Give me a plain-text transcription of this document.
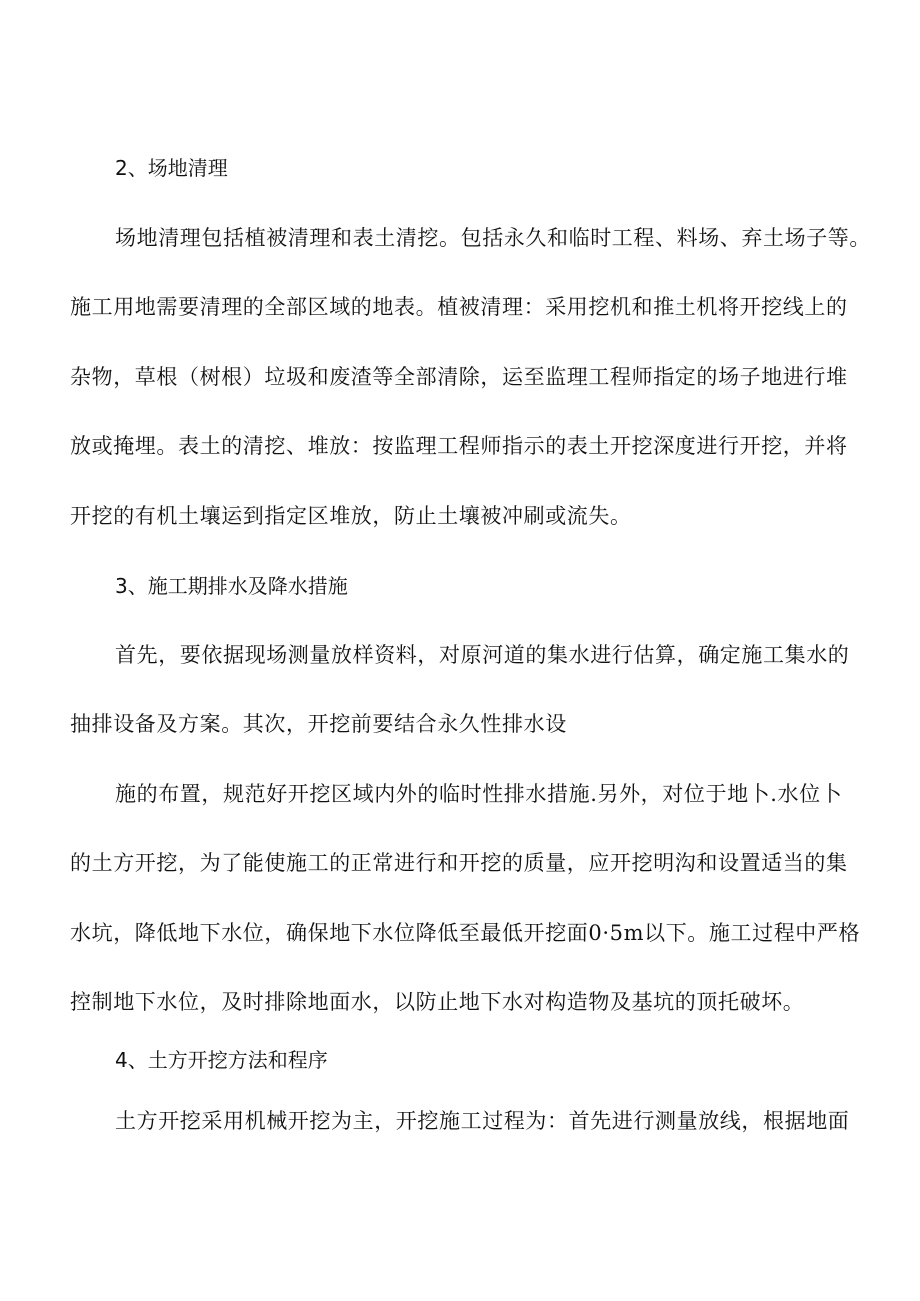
2、场地清理
场地清理包括植被清理和表土清挖。包括永久和临时工程、料场、弃土场子等。
施工用地需要清理的全部区域的地表。植被清理：采用挖机和推土机将开挖线上的
杂物，草根（树根）垃圾和废渣等全部清除，运至监理工程师指定的场子地进行堆
放或掩埋。表土的清挖、堆放：按监理工程师指示的表土开挖深度进行开挖，并将
开挖的有机土壤运到指定区堆放，防止土壤被冲刷或流失。
3、施工期排水及降水措施
首先，要依据现场测量放样资料，对原河道的集水进行估算，确定施工集水的
抽排设备及方案。其次，开挖前要结合永久性排水设
施的布置，规范好开挖区域内外的临时性排水措施.另外，对位于地卜.水位卜
的土方开挖，为了能使施工的正常进行和开挖的质量，应开挖明沟和设置适当的集
水坑，降低地下水位，确保地下水位降低至最低开挖面0·5m以下。施工过程中严格
控制地下水位，及时排除地面水，以防止地下水对构造物及基坑的顶托破坏。
4、土方开挖方法和程序
土方开挖采用机械开挖为主，开挖施工过程为：首先进行测量放线，根据地面
